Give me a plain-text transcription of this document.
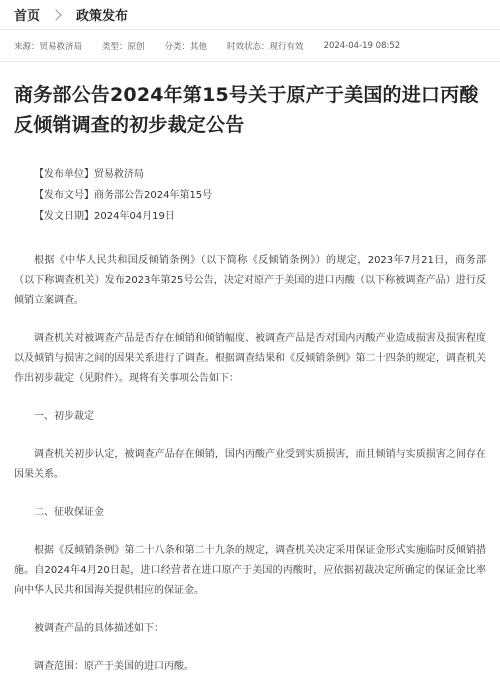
首页	政策发布
来源：贸易救济局 类型：原创 分类：其他 时效状态：现行有效 2024-04-19 08:52
商务部公告2024年第15号关于原产于美国的进口丙酸反倾销调查的初步裁定公告
【发布单位】贸易救济局
【发布文号】商务部公告2024年第15号
【发文日期】2024年04月19日

根据《中华人民共和国反倾销条例》（以下简称《反倾销条例》）的规定，2023年7月21日，商务部（以下称调查机关）发布2023年第25号公告，决定对原产于美国的进口丙酸（以下称被调查产品）进行反倾销立案调查。

调查机关对被调查产品是否存在倾销和倾销幅度、被调查产品是否对国内丙酸产业造成损害及损害程度以及倾销与损害之间的因果关系进行了调查。根据调查结果和《反倾销条例》第二十四条的规定，调查机关作出初步裁定（见附件）。现将有关事项公告如下：

一、初步裁定

调查机关初步认定，被调查产品存在倾销，国内丙酸产业受到实质损害，而且倾销与实质损害之间存在因果关系。

二、征收保证金

根据《反倾销条例》第二十八条和第二十九条的规定，调查机关决定采用保证金形式实施临时反倾销措施。自2024年4月20日起，进口经营者在进口原产于美国的丙酸时，应依据初裁决定所确定的保证金比率向中华人民共和国海关提供相应的保证金。

被调查产品的具体描述如下：

调查范围：原产于美国的进口丙酸。
